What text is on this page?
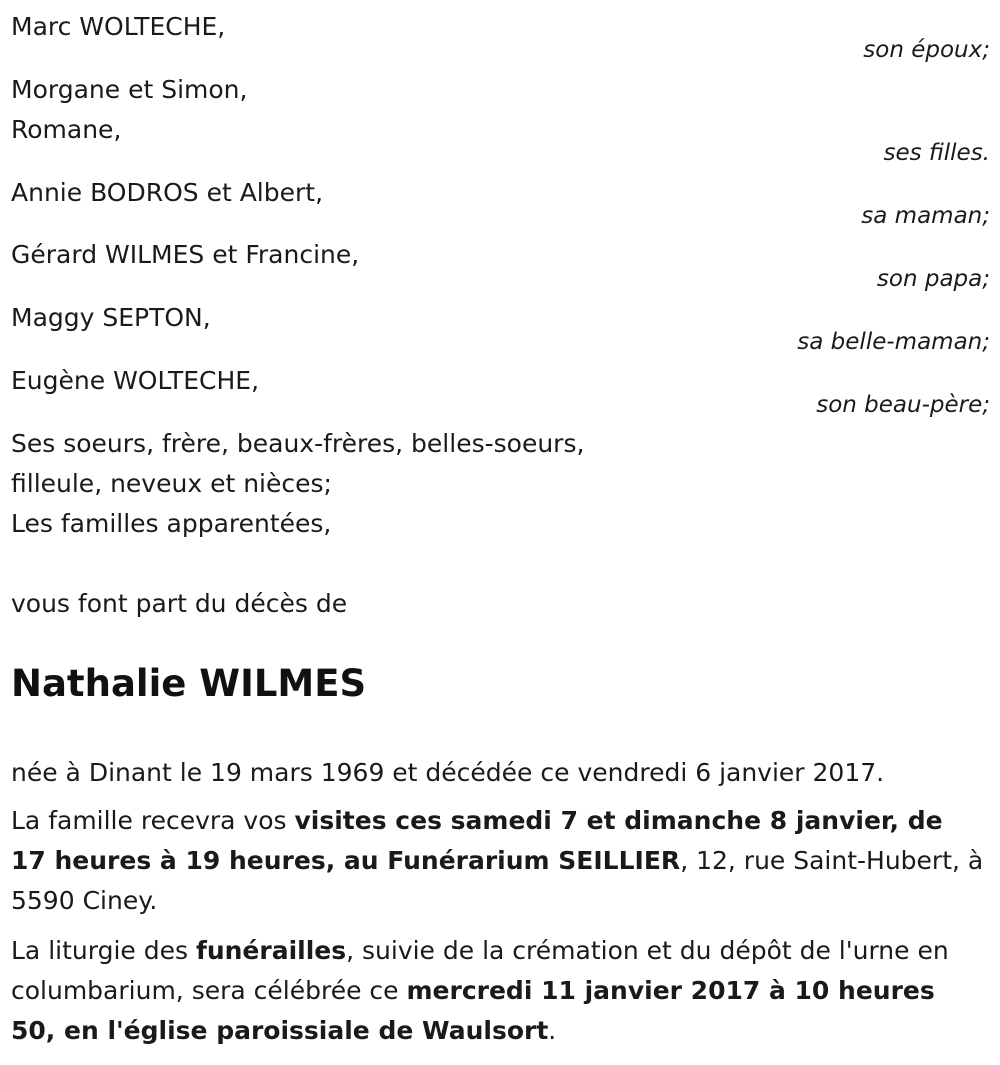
Marc WOLTECHE,
son époux;
Morgane et Simon,
Romane,
ses filles.
Annie BODROS et Albert,
sa maman;
Gérard WILMES et Francine,
son papa;
Maggy SEPTON,
sa belle-maman;
Eugène WOLTECHE,
son beau-père;
Ses soeurs, frère, beaux-frères, belles-soeurs,
filleule, neveux et nièces;
Les familles apparentées,
vous font part du décès de
Nathalie WILMES
née à Dinant le 19 mars 1969 et décédée ce vendredi 6 janvier 2017.
La famille recevra vos visites ces samedi 7 et dimanche 8 janvier, de 17 heures à 19 heures, au Funérarium SEILLIER, 12, rue Saint-Hubert, à 5590 Ciney.
La liturgie des funérailles, suivie de la crémation et du dépôt de l'urne en columbarium, sera célébrée ce mercredi 11 janvier 2017 à 10 heures 50, en l'église paroissiale de Waulsort.
